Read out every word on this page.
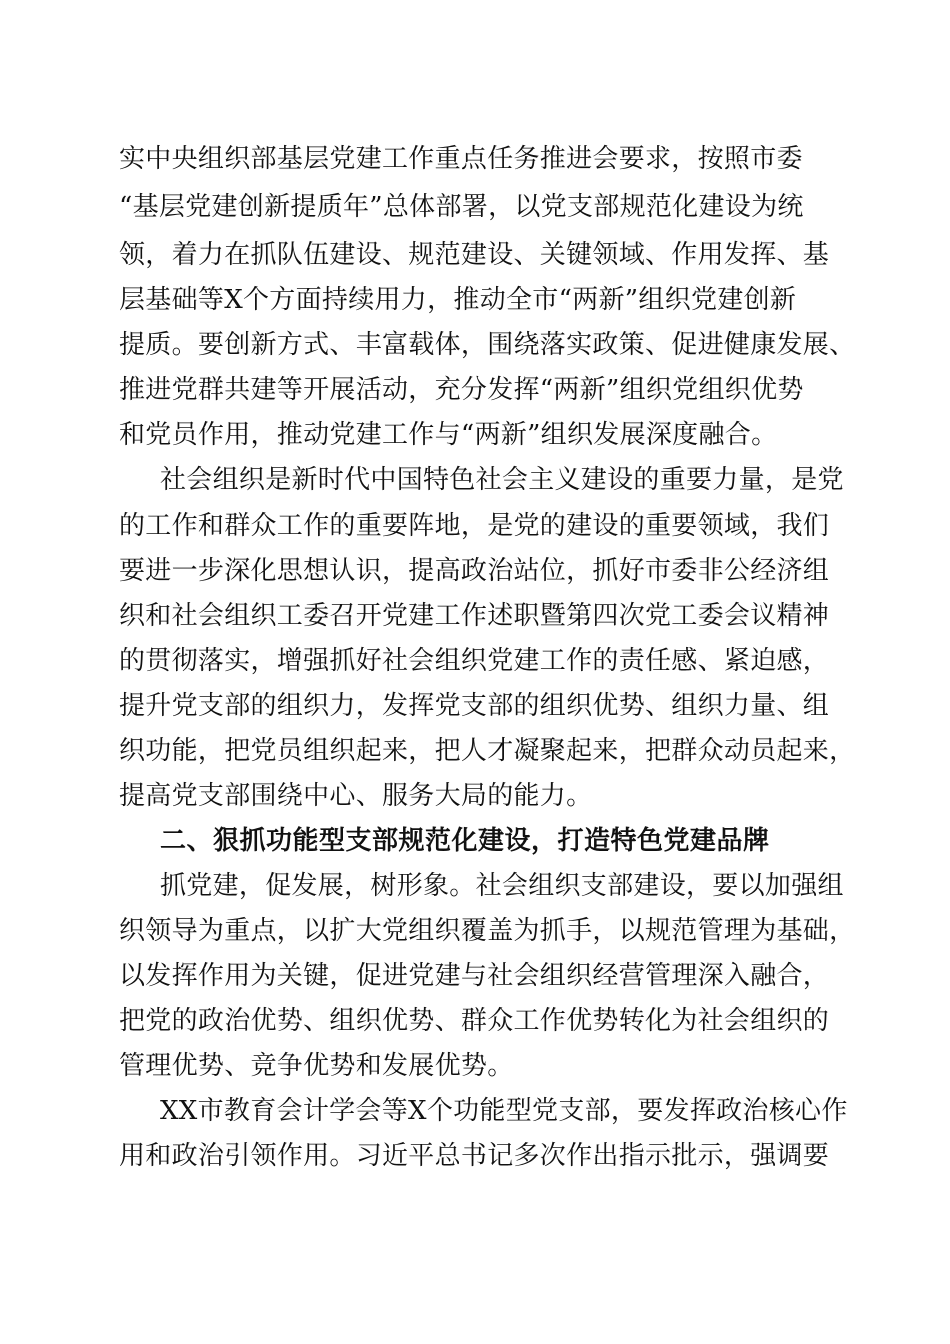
实中央组织部基层党建工作重点任务推进会要求，按照市委
“基层党建创新提质年”总体部署，以党支部规范化建设为统
领，着力在抓队伍建设、规范建设、关键领域、作用发挥、基
层基础等X个方面持续用力，推动全市“两新”组织党建创新
提质。要创新方式、丰富载体，围绕落实政策、促进健康发展、
推进党群共建等开展活动，充分发挥“两新”组织党组织优势
和党员作用，推动党建工作与“两新”组织发展深度融合。
社会组织是新时代中国特色社会主义建设的重要力量，是党
的工作和群众工作的重要阵地，是党的建设的重要领域，我们
要进一步深化思想认识，提高政治站位，抓好市委非公经济组
织和社会组织工委召开党建工作述职暨第四次党工委会议精神
的贯彻落实，增强抓好社会组织党建工作的责任感、紧迫感，
提升党支部的组织力，发挥党支部的组织优势、组织力量、组
织功能，把党员组织起来，把人才凝聚起来，把群众动员起来，
提高党支部围绕中心、服务大局的能力。
二、狠抓功能型支部规范化建设，打造特色党建品牌
抓党建，促发展，树形象。社会组织支部建设，要以加强组
织领导为重点，以扩大党组织覆盖为抓手，以规范管理为基础，
以发挥作用为关键，促进党建与社会组织经营管理深入融合，
把党的政治优势、组织优势、群众工作优势转化为社会组织的
管理优势、竞争优势和发展优势。
XX市教育会计学会等X个功能型党支部，要发挥政治核心作
用和政治引领作用。习近平总书记多次作出指示批示，强调要
